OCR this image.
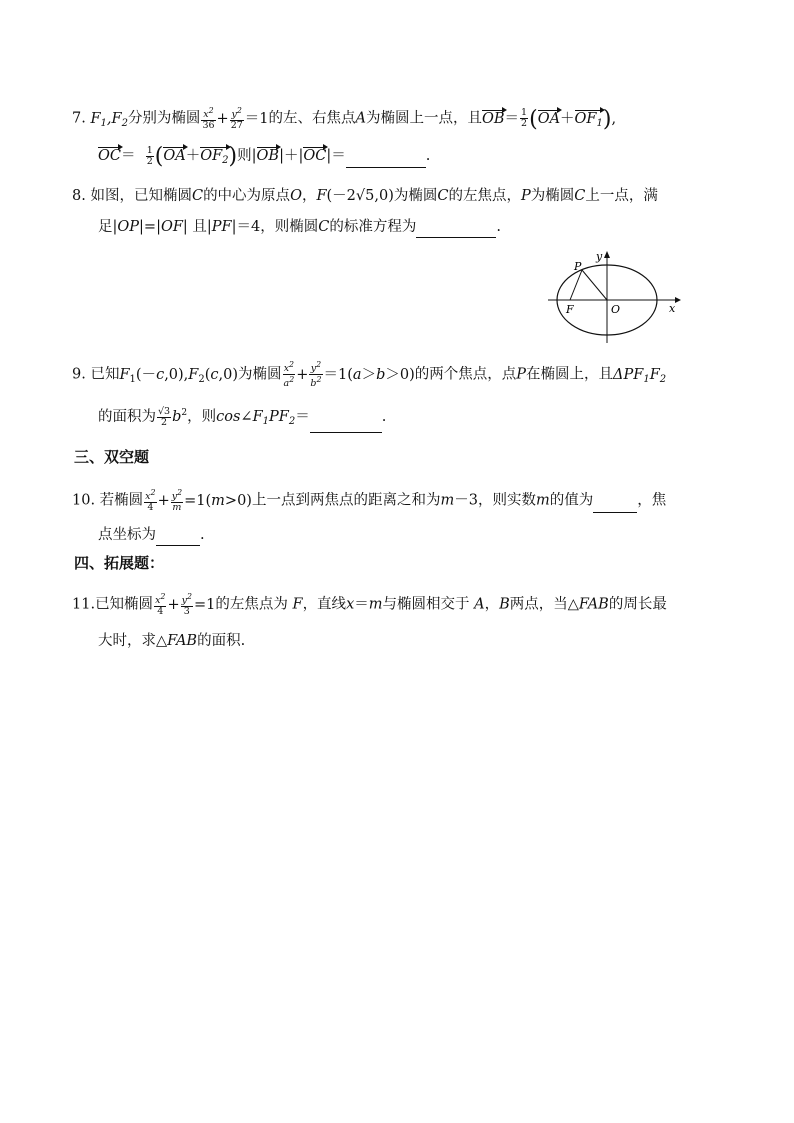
7. $F_1,F_2$分别为椭圆 $\frac{x^2}{36} + \frac{y^2}{27} =1$的左、右焦点A为椭圆上一点，且$OB= \frac{1}{2} (OA+OF_1)$,
$OC= \frac{1}{2} (OA+OF_2)$则|OB|＋|OC|＝	.
8. 如图，已知椭圆C的中心为原点O，F(－2√5,0)为椭圆C的左焦点，P为椭圆C上一点，满
足|OP|=|OF| 且|PF|＝4，则椭圆C的标准方程为	.
P
F	O	x
y
9. 已知$F_1(-c,0),F_2(c,0)$为椭圆 $\frac{x^2}{a^2} + \frac{y^2}{b^2} =1(a>b>0)$的两个焦点，点P在椭圆上，且$\Delta PF_1F_2$
的面积为 $\frac{√3}{2} b^2$，则$\cos\angle F_1PF_2=$	.
三、双空题
10. 若椭圆 $\frac{x^2}{4} + \frac{y^2}{m} =1(m>0)$上一点到两焦点的距离之和为m－3，则实数m的值为	，焦
点坐标为	.
四、拓展题：
11.已知椭圆 $\frac{x^2}{4} + \frac{y^2}{3} =1$的左焦点为 F，直线x＝m与椭圆相交于 A，B两点，当△FAB的周长最
大时，求△FAB的面积.
